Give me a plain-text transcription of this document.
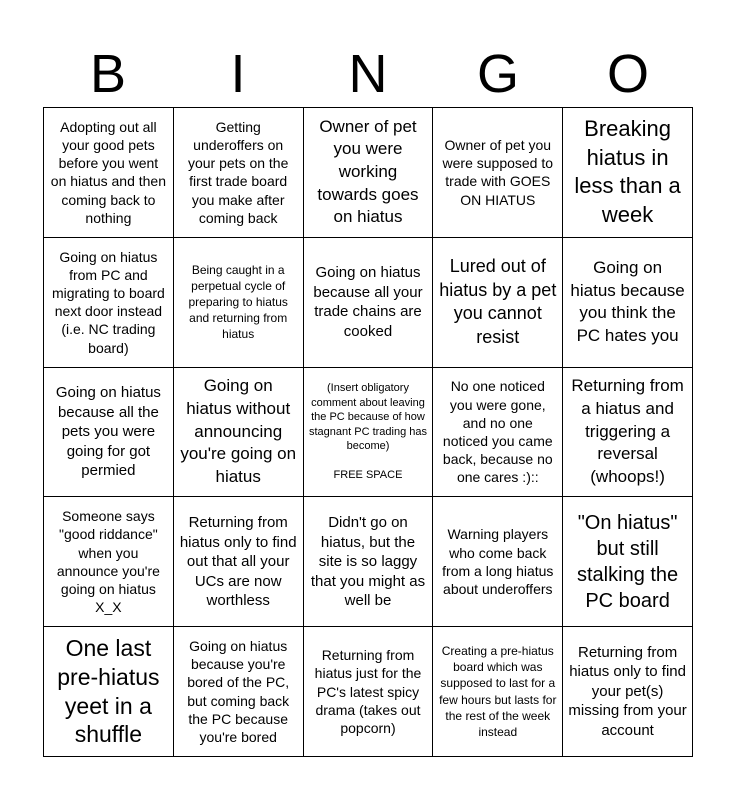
B	I	N	G	O
Adopting out all your good pets before you went on hiatus and then coming back to nothing
Getting underoffers on your pets on the first trade board you make after coming back
Owner of pet you were working towards goes on hiatus
Owner of pet you were supposed to trade with GOES ON HIATUS
Breaking hiatus in less than a week
Going on hiatus from PC and migrating to board next door instead (i.e. NC trading board)
Being caught in a perpetual cycle of preparing to hiatus and returning from hiatus
Going on hiatus because all your trade chains are cooked
Lured out of hiatus by a pet you cannot resist
Going on hiatus because you think the PC hates you
Going on hiatus because all the pets you were going for got permied
Going on hiatus without announcing you're going on hiatus
(Insert obligatory comment about leaving the PC because of how stagnant PC trading has become)

FREE SPACE
No one noticed you were gone, and no one noticed you came back, because no one cares :)::
Returning from a hiatus and triggering a reversal (whoops!)
Someone says "good riddance" when you announce you're going on hiatus X_X
Returning from hiatus only to find out that all your UCs are now worthless
Didn't go on hiatus, but the site is so laggy that you might as well be
Warning players who come back from a long hiatus about underoffers
"On hiatus" but still stalking the PC board
One last pre-hiatus yeet in a shuffle
Going on hiatus because you're bored of the PC, but coming back the PC because you're bored
Returning from hiatus just for the PC's latest spicy drama (takes out popcorn)
Creating a pre-hiatus board which was supposed to last for a few hours but lasts for the rest of the week instead
Returning from hiatus only to find your pet(s) missing from your account
